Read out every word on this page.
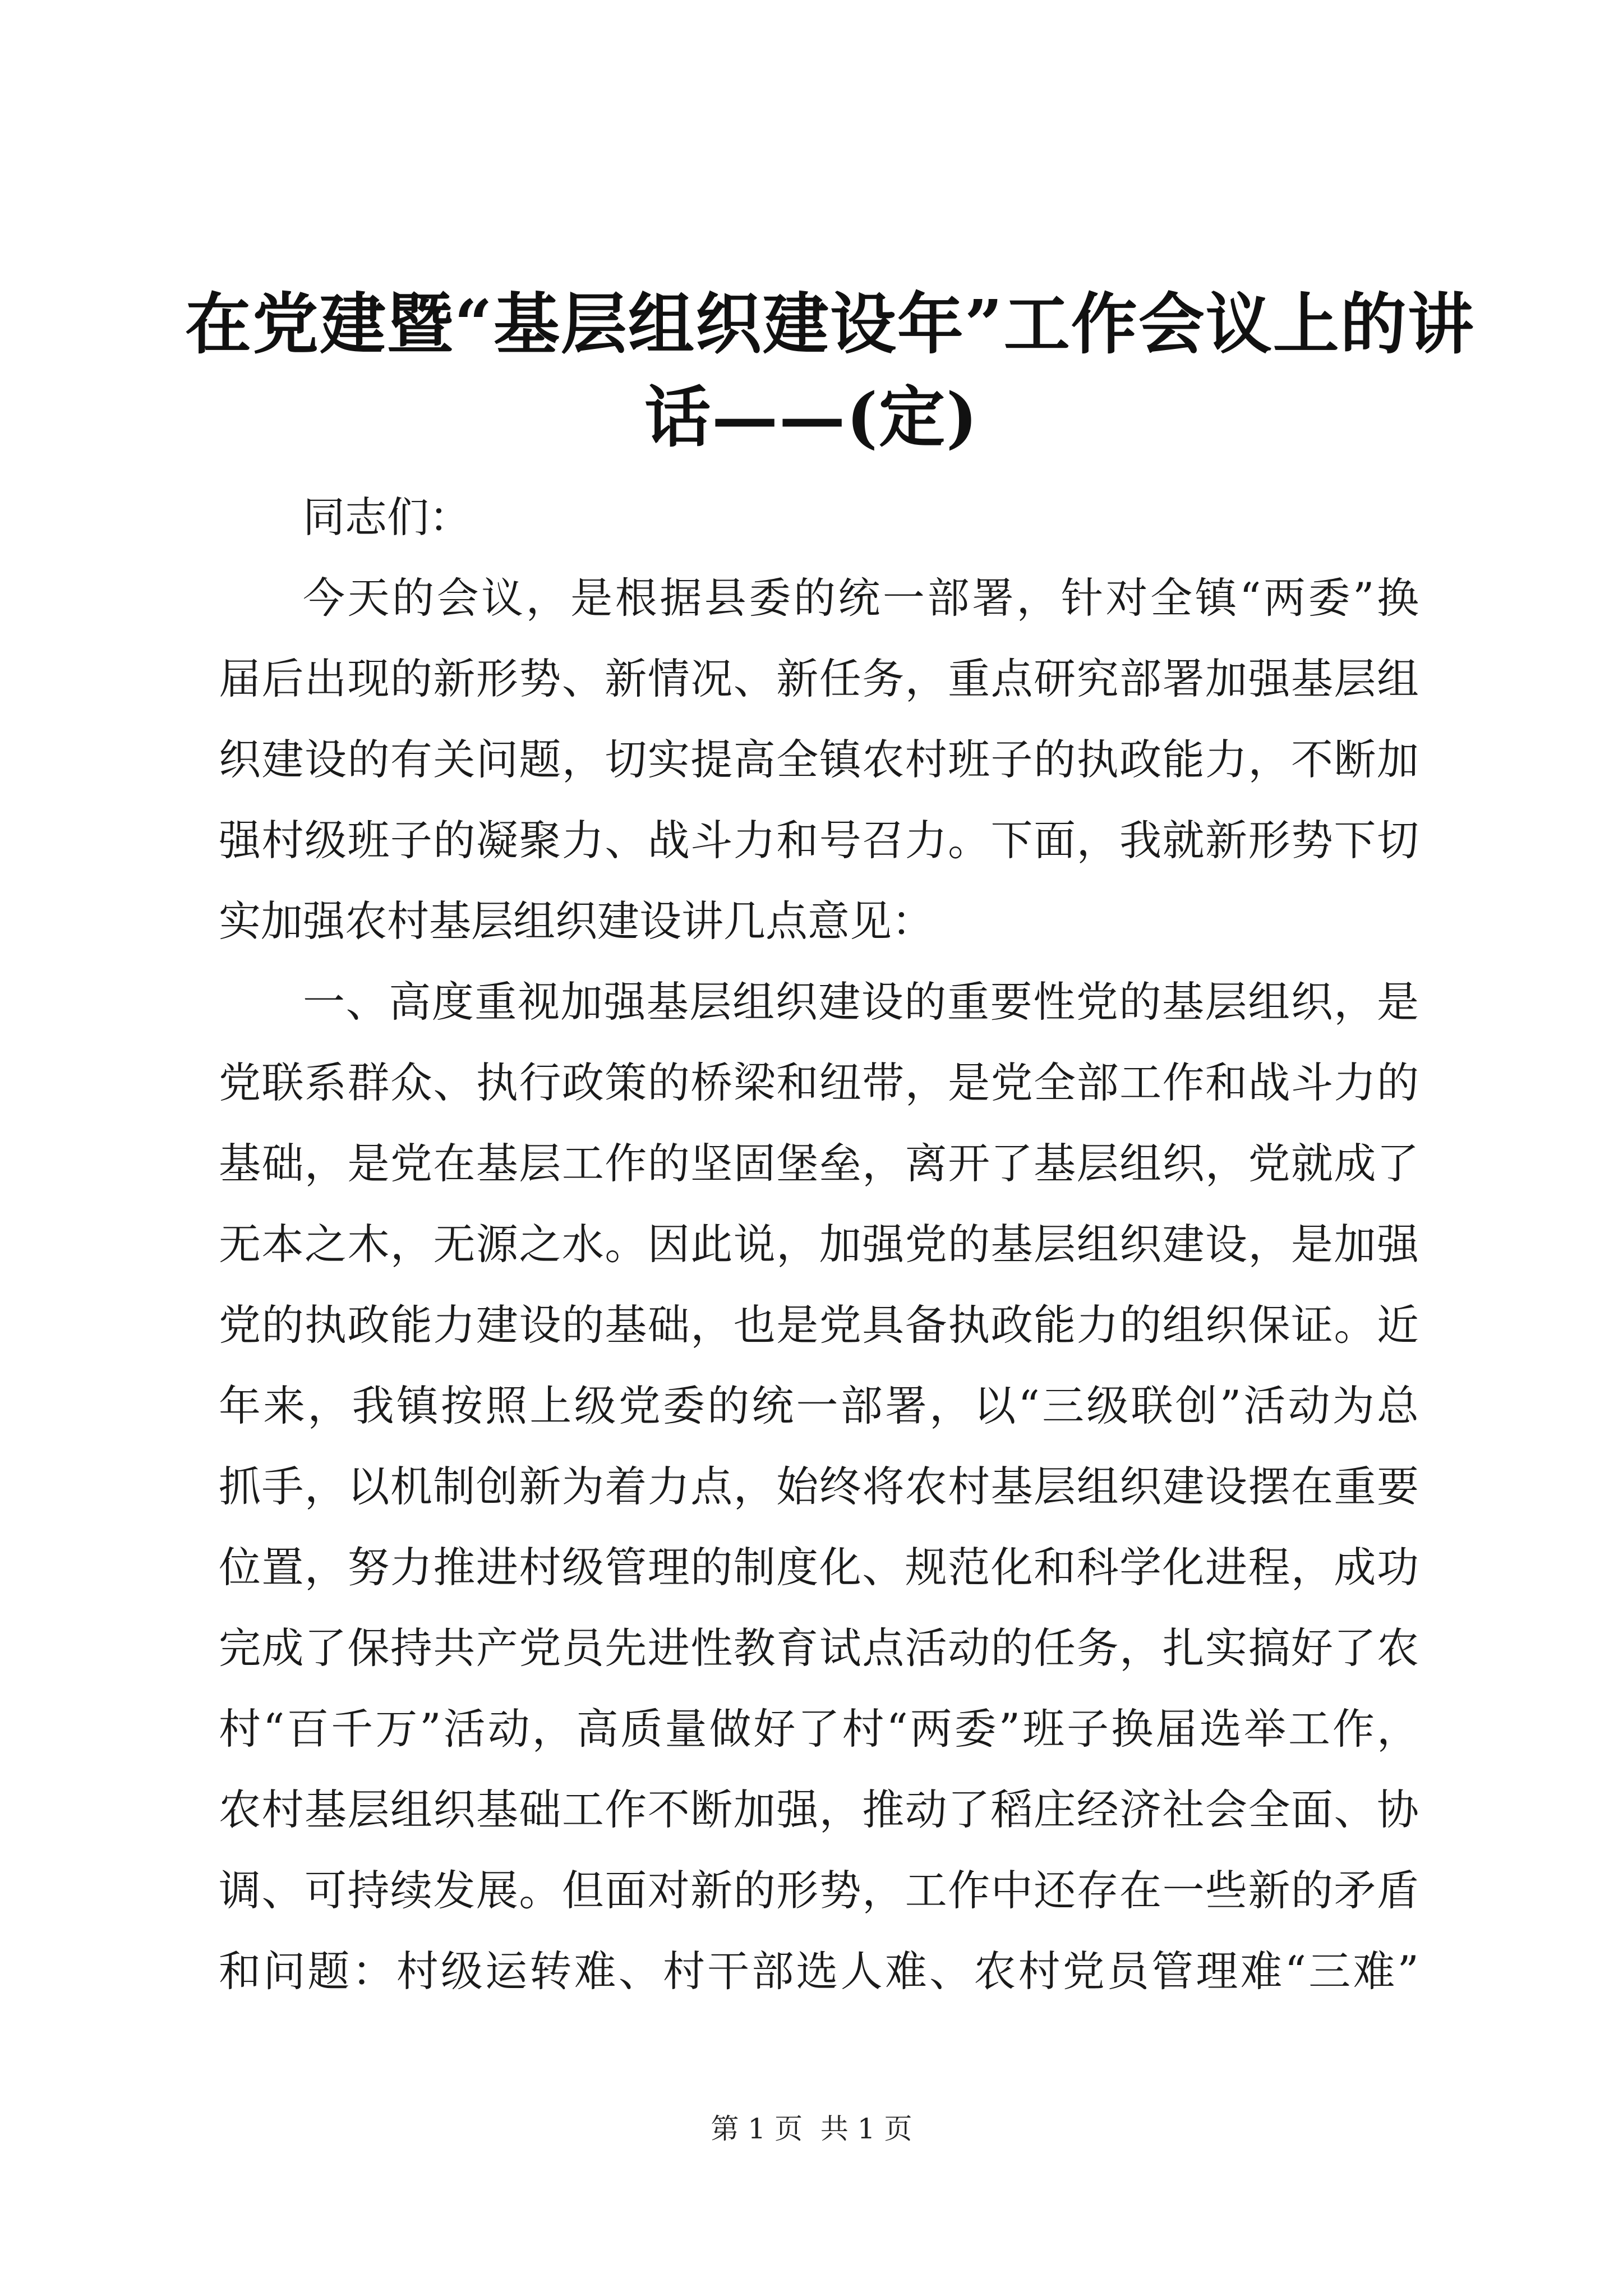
在党建暨“基层组织建设年”工作会议上的讲
话——(定)
同志们：
今天的会议，是根据县委的统一部署，针对全镇“两委”换
届后出现的新形势、新情况、新任务，重点研究部署加强基层组
织建设的有关问题，切实提高全镇农村班子的执政能力，不断加
强村级班子的凝聚力、战斗力和号召力。下面，我就新形势下切
实加强农村基层组织建设讲几点意见：
一、高度重视加强基层组织建设的重要性党的基层组织，是
党联系群众、执行政策的桥梁和纽带，是党全部工作和战斗力的
基础，是党在基层工作的坚固堡垒，离开了基层组织，党就成了
无本之木，无源之水。因此说，加强党的基层组织建设，是加强
党的执政能力建设的基础，也是党具备执政能力的组织保证。近
年来，我镇按照上级党委的统一部署，以“三级联创”活动为总
抓手，以机制创新为着力点，始终将农村基层组织建设摆在重要
位置，努力推进村级管理的制度化、规范化和科学化进程，成功
完成了保持共产党员先进性教育试点活动的任务，扎实搞好了农
村“百千万”活动，高质量做好了村“两委”班子换届选举工作，
农村基层组织基础工作不断加强，推动了稻庄经济社会全面、协
调、可持续发展。但面对新的形势，工作中还存在一些新的矛盾
和问题：村级运转难、村干部选人难、农村党员管理难“三难”
第 1 页  共 1 页
